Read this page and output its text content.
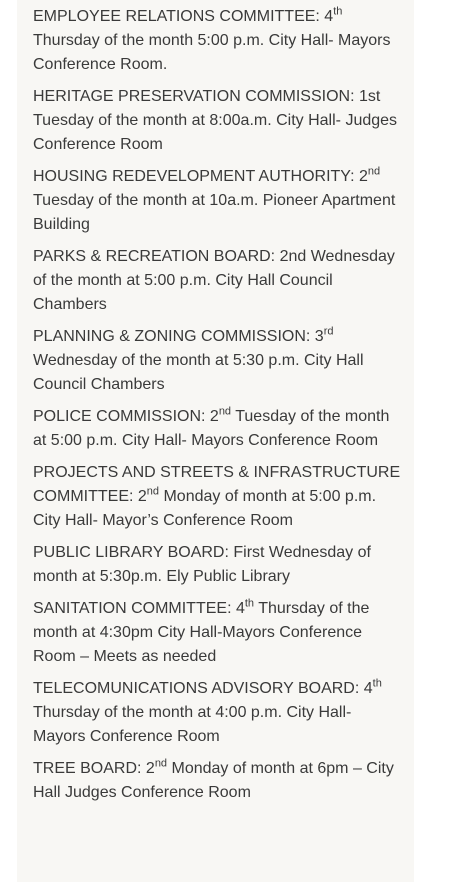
EMPLOYEE RELATIONS COMMITTEE: 4th Thursday of the month 5:00 p.m. City Hall- Mayors Conference Room.

HERITAGE PRESERVATION COMMISSION: 1st Tuesday of the month at 8:00a.m. City Hall- Judges Conference Room

HOUSING REDEVELOPMENT AUTHORITY: 2nd Tuesday of the month at 10a.m. Pioneer Apartment Building

PARKS & RECREATION BOARD: 2nd Wednesday of the month at 5:00 p.m. City Hall Council Chambers

PLANNING & ZONING COMMISSION: 3rd Wednesday of the month at 5:30 p.m. City Hall Council Chambers

POLICE COMMISSION: 2nd Tuesday of the month at 5:00 p.m. City Hall- Mayors Conference Room

PROJECTS AND STREETS & INFRASTRUCTURE COMMITTEE: 2nd Monday of month at 5:00 p.m. City Hall- Mayor’s Conference Room

PUBLIC LIBRARY BOARD: First Wednesday of month at 5:30p.m. Ely Public Library

SANITATION COMMITTEE: 4th Thursday of the month at 4:30pm City Hall-Mayors Conference Room – Meets as needed

TELECOMUNICATIONS ADVISORY BOARD: 4th Thursday of the month at 4:00 p.m. City Hall- Mayors Conference Room

TREE BOARD: 2nd Monday of month at 6pm – City Hall Judges Conference Room
